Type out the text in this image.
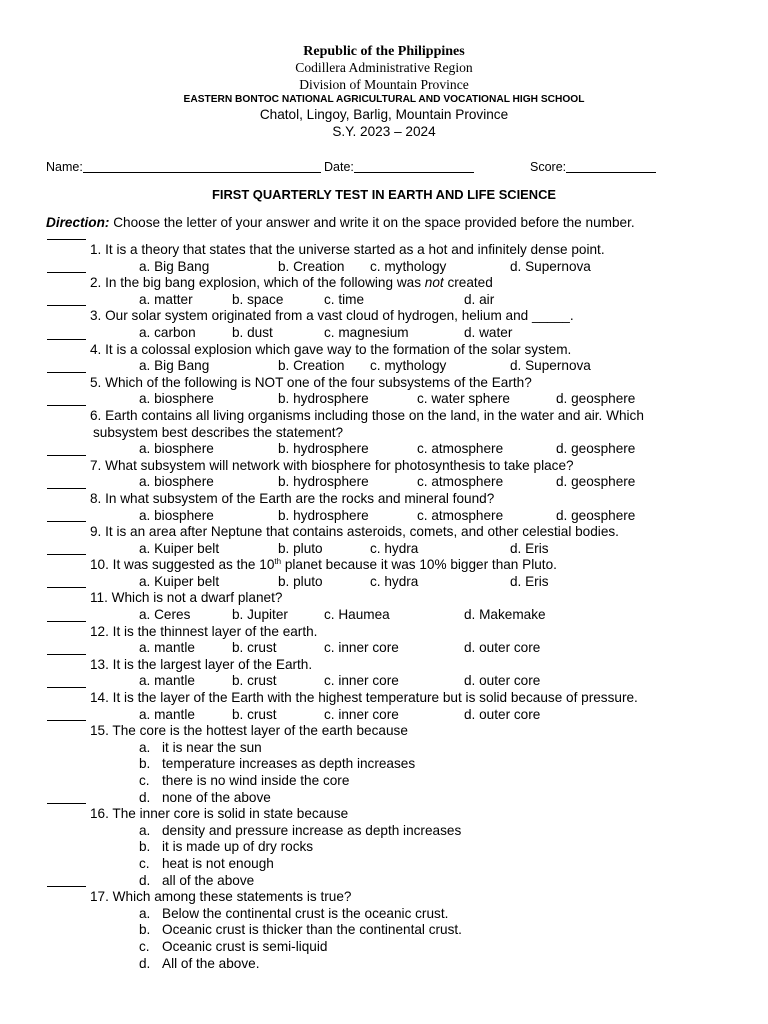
Republic of the Philippines
Codillera Administrative Region
Division of Mountain Province
EASTERN BONTOC NATIONAL AGRICULTURAL AND VOCATIONAL HIGH SCHOOL
Chatol, Lingoy, Barlig, Mountain Province
S.Y. 2023 – 2024
Name:	Date:	Score:
FIRST QUARTERLY TEST IN EARTH AND LIFE SCIENCE
Direction: Choose the letter of your answer and write it on the space provided before the number.
1. It is a theory that states that the universe started as a hot and infinitely dense point.
a. Big Bang	b. Creation c. mythology	d. Supernova
2. In the big bang explosion, which of the following was not created
a. matter	b. space	c. time	d. air
3. Our solar system originated from a vast cloud of hydrogen, helium and _____.
a. carbon	b. dust	c. magnesium	d. water
4. It is a colossal explosion which gave way to the formation of the solar system.
a. Big Bang	b. Creation c. mythology	d. Supernova
5. Which of the following is NOT one of the four subsystems of the Earth?
a. biosphere	b. hydrosphere	c. water sphere	d. geosphere
6. Earth contains all living organisms including those on the land, in the water and air. Which
subsystem best describes the statement?
a. biosphere	b. hydrosphere	c. atmosphere	d. geosphere
7. What subsystem will network with biosphere for photosynthesis to take place?
a. biosphere	b. hydrosphere	c. atmosphere	d. geosphere
8. In what subsystem of the Earth are the rocks and mineral found?
a. biosphere	b. hydrosphere	c. atmosphere	d. geosphere
9. It is an area after Neptune that contains asteroids, comets, and other celestial bodies.
a. Kuiper belt	b. pluto	c. hydra	d. Eris
10. It was suggested as the 10th planet because it was 10% bigger than Pluto.
a. Kuiper belt	b. pluto	c. hydra	d. Eris
11. Which is not a dwarf planet?
a. Ceres	b. Jupiter	c. Haumea	d. Makemake
12. It is the thinnest layer of the earth.
a. mantle	b. crust	c. inner core	d. outer core
13. It is the largest layer of the Earth.
a. mantle	b. crust	c. inner core	d. outer core
14. It is the layer of the Earth with the highest temperature but is solid because of pressure.
a. mantle	b. crust	c. inner core	d. outer core
15. The core is the hottest layer of the earth because
a. it is near the sun
b. temperature increases as depth increases
c. there is no wind inside the core
d. none of the above
16. The inner core is solid in state because
a. density and pressure increase as depth increases
b. it is made up of dry rocks
c. heat is not enough
d. all of the above
17. Which among these statements is true?
a. Below the continental crust is the oceanic crust.
b. Oceanic crust is thicker than the continental crust.
c. Oceanic crust is semi-liquid
d. All of the above.
